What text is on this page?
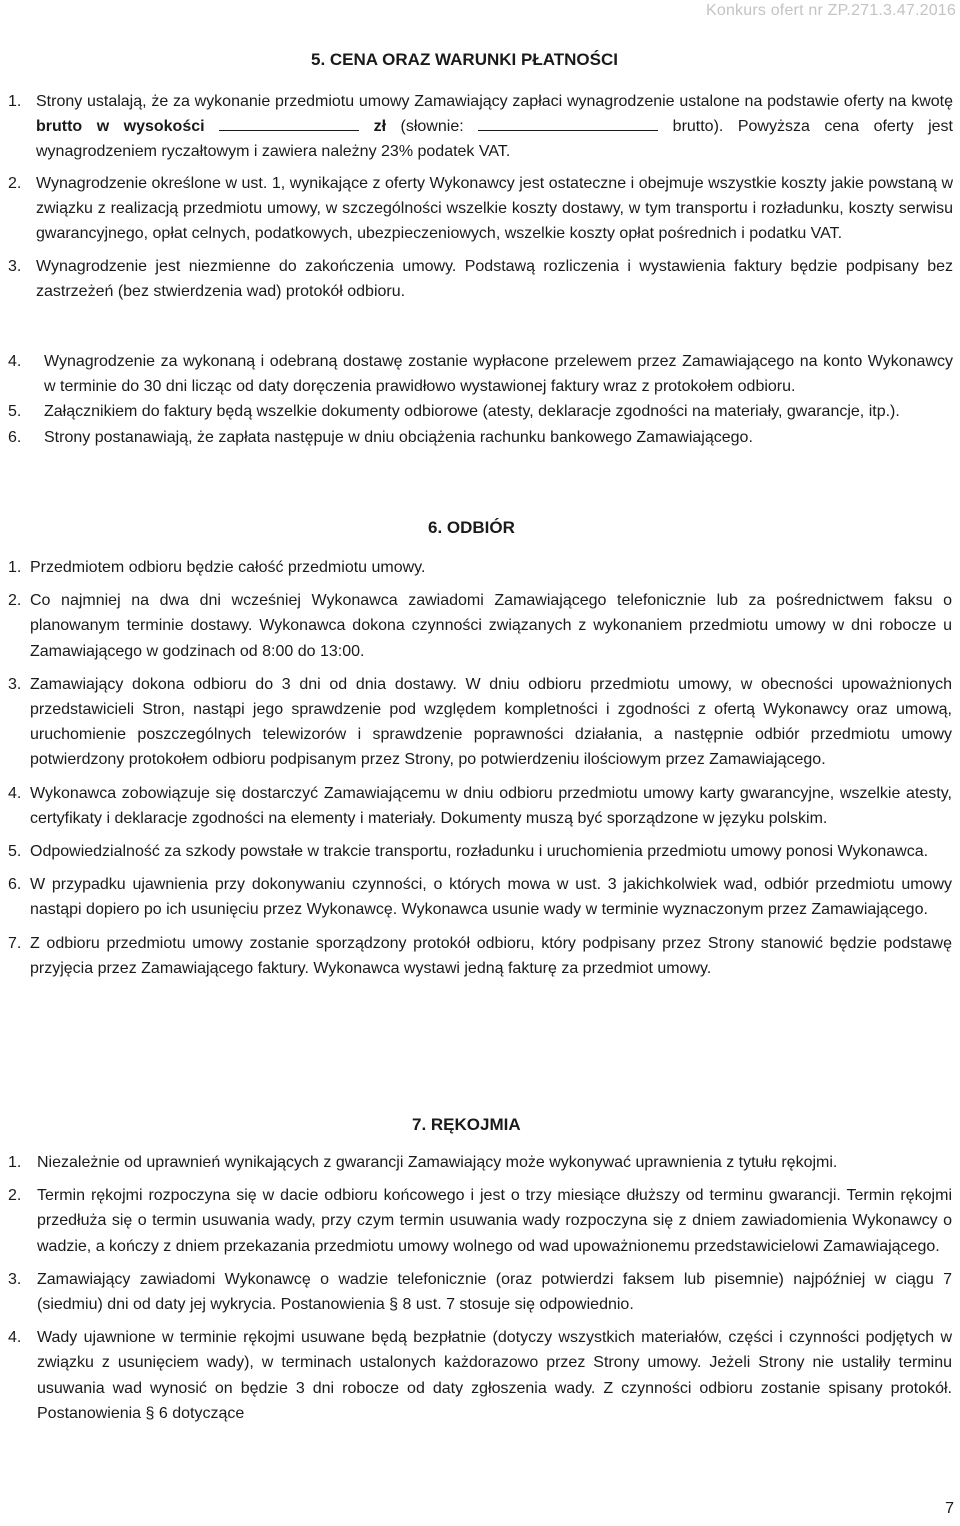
Konkurs ofert nr ZP.271.3.47.2016
5. CENA ORAZ WARUNKI PŁATNOŚCI
1. Strony ustalają, że za wykonanie przedmiotu umowy Zamawiający zapłaci wynagrodzenie ustalone na podstawie oferty na kwotę brutto w wysokości	zł (słownie:	brutto). Powyższa cena oferty jest wynagrodzeniem ryczałtowym i zawiera należny 23% podatek VAT.
2. Wynagrodzenie określone w ust. 1, wynikające z oferty Wykonawcy jest ostateczne i obejmuje wszystkie koszty jakie powstaną w związku z realizacją przedmiotu umowy, w szczególności wszelkie koszty dostawy, w tym transportu i rozładunku, koszty serwisu gwarancyjnego, opłat celnych, podatkowych, ubezpieczeniowych, wszelkie koszty opłat pośrednich i podatku VAT.
3. Wynagrodzenie jest niezmienne do zakończenia umowy. Podstawą rozliczenia i wystawienia faktury będzie podpisany bez zastrzeżeń (bez stwierdzenia wad) protokół odbioru.
4. Wynagrodzenie za wykonaną i odebraną dostawę zostanie wypłacone przelewem przez Zamawiającego na konto Wykonawcy w terminie do 30 dni licząc od daty doręczenia prawidłowo wystawionej faktury wraz z protokołem odbioru.
5. Załącznikiem do faktury będą wszelkie dokumenty odbiorowe (atesty, deklaracje zgodności na materiały, gwarancje, itp.).
6. Strony postanawiają, że zapłata następuje w dniu obciążenia rachunku bankowego Zamawiającego.
6. ODBIÓR
1. Przedmiotem odbioru będzie całość przedmiotu umowy.
2. Co najmniej na dwa dni wcześniej Wykonawca zawiadomi Zamawiającego telefonicznie lub za pośrednictwem faksu o planowanym terminie dostawy. Wykonawca dokona czynności związanych z wykonaniem przedmiotu umowy w dni robocze u Zamawiającego w godzinach od 8:00 do 13:00.
3. Zamawiający dokona odbioru do 3 dni od dnia dostawy. W dniu odbioru przedmiotu umowy, w obecności upoważnionych przedstawicieli Stron, nastąpi jego sprawdzenie pod względem kompletności i zgodności z ofertą Wykonawcy oraz umową, uruchomienie poszczególnych telewizorów i sprawdzenie poprawności działania, a następnie odbiór przedmiotu umowy potwierdzony protokołem odbioru podpisanym przez Strony, po potwierdzeniu ilościowym przez Zamawiającego.
4. Wykonawca zobowiązuje się dostarczyć Zamawiającemu w dniu odbioru przedmiotu umowy karty gwarancyjne, wszelkie atesty, certyfikaty i deklaracje zgodności na elementy i materiały. Dokumenty muszą być sporządzone w języku polskim.
5. Odpowiedzialność za szkody powstałe w trakcie transportu, rozładunku i uruchomienia przedmiotu umowy ponosi Wykonawca.
6. W przypadku ujawnienia przy dokonywaniu czynności, o których mowa w ust. 3 jakichkolwiek wad, odbiór przedmiotu umowy nastąpi dopiero po ich usunięciu przez Wykonawcę. Wykonawca usunie wady w terminie wyznaczonym przez Zamawiającego.
7. Z odbioru przedmiotu umowy zostanie sporządzony protokół odbioru, który podpisany przez Strony stanowić będzie podstawę przyjęcia przez Zamawiającego faktury. Wykonawca wystawi jedną fakturę za przedmiot umowy.
7. RĘKOJMIA
1. Niezależnie od uprawnień wynikających z gwarancji Zamawiający może wykonywać uprawnienia z tytułu rękojmi.
2. Termin rękojmi rozpoczyna się w dacie odbioru końcowego i jest o trzy miesiące dłuższy od terminu gwarancji. Termin rękojmi przedłuża się o termin usuwania wady, przy czym termin usuwania wady rozpoczyna się z dniem zawiadomienia Wykonawcy o wadzie, a kończy z dniem przekazania przedmiotu umowy wolnego od wad upoważnionemu przedstawicielowi Zamawiającego.
3. Zamawiający zawiadomi Wykonawcę o wadzie telefonicznie (oraz potwierdzi faksem lub pisemnie) najpóźniej w ciągu 7 (siedmiu) dni od daty jej wykrycia. Postanowienia § 8 ust. 7 stosuje się odpowiednio.
4. Wady ujawnione w terminie rękojmi usuwane będą bezpłatnie (dotyczy wszystkich materiałów, części i czynności podjętych w związku z usunięciem wady), w terminach ustalonych każdorazowo przez Strony umowy. Jeżeli Strony nie ustaliły terminu usuwania wad wynosić on będzie 3 dni robocze od daty zgłoszenia wady. Z czynności odbioru zostanie spisany protokół. Postanowienia § 6 dotyczące
7
